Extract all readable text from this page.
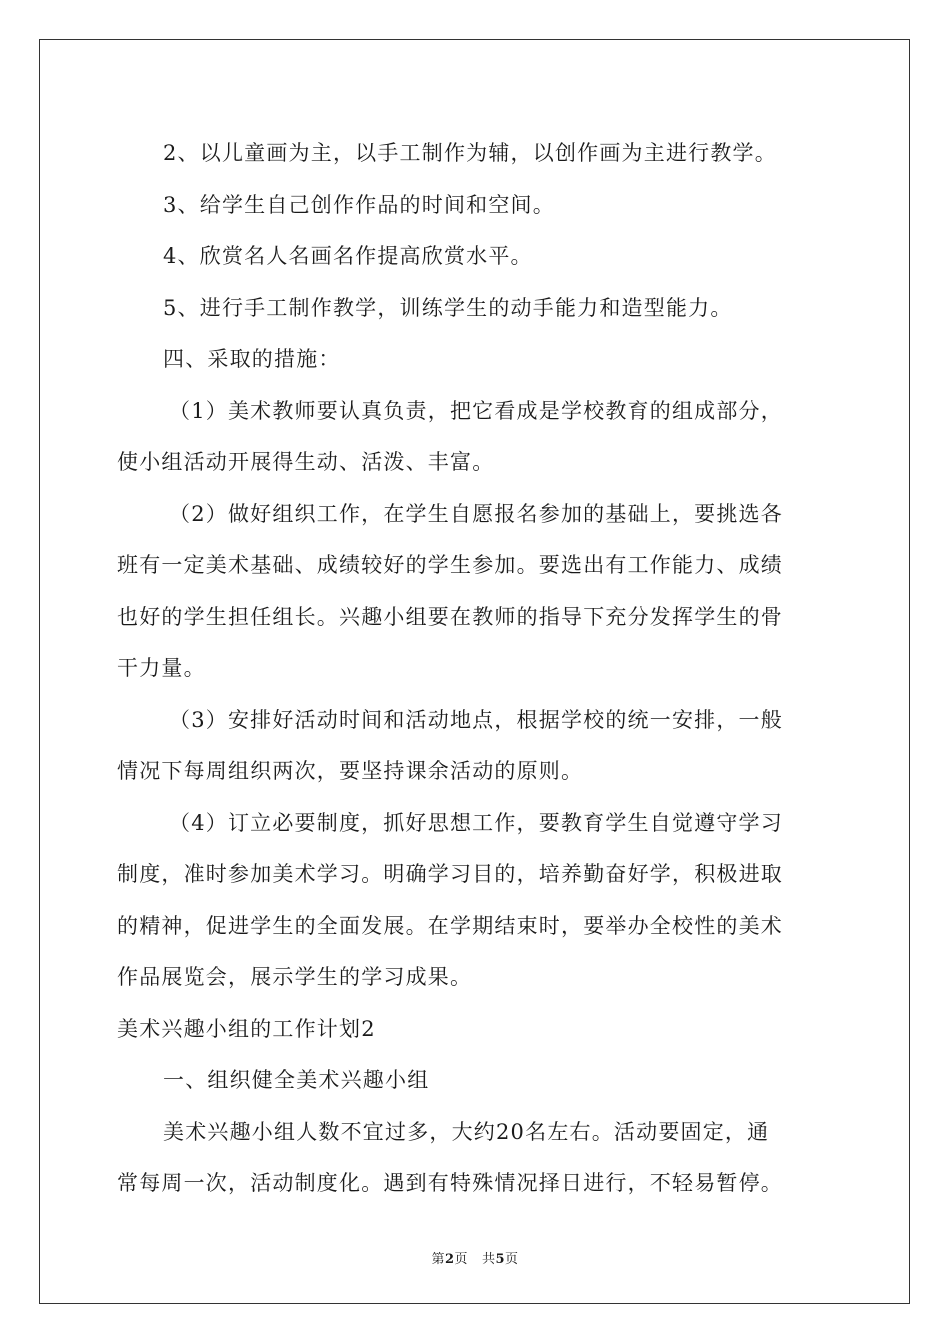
2、以儿童画为主，以手工制作为辅，以创作画为主进行教学。
3、给学生自己创作作品的时间和空间。
4、欣赏名人名画名作提高欣赏水平。
5、进行手工制作教学，训练学生的动手能力和造型能力。
四、采取的措施：
（1）美术教师要认真负责，把它看成是学校教育的组成部分，
使小组活动开展得生动、活泼、丰富。
（2）做好组织工作，在学生自愿报名参加的基础上，要挑选各
班有一定美术基础、成绩较好的学生参加。要选出有工作能力、成绩
也好的学生担任组长。兴趣小组要在教师的指导下充分发挥学生的骨
干力量。
（3）安排好活动时间和活动地点，根据学校的统一安排，一般
情况下每周组织两次，要坚持课余活动的原则。
（4）订立必要制度，抓好思想工作，要教育学生自觉遵守学习
制度，准时参加美术学习。明确学习目的，培养勤奋好学，积极进取
的精神，促进学生的全面发展。在学期结束时，要举办全校性的美术
作品展览会，展示学生的学习成果。
美术兴趣小组的工作计划2
一、组织健全美术兴趣小组
美术兴趣小组人数不宜过多，大约20名左右。活动要固定，通
常每周一次，活动制度化。遇到有特殊情况择日进行，不轻易暂停。
第2页 共5页
